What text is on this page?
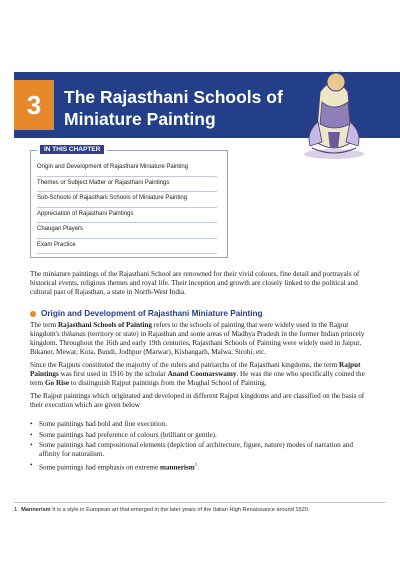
3 The Rajasthani Schools of Miniature Painting
IN THIS CHAPTER
Origin and Development of Rajasthani Miniature Painting
Themes or Subject Matter or Rajasthani Paintings
Sub-Schools of Rajasthani Schools of Miniature Painting
Appreciation of Rajasthani Paintings
Chaugan Players
Exam Practice

The miniature paintings of the Rajasthani School are renowned for their vivid colours, fine detail and portrayals of historical events, religious themes and royal life. Their inception and growth are closely linked to the political and cultural past of Rajasthan, a state in North-West India.

Origin and Development of Rajasthani Miniature Painting

The term Rajasthani Schools of Painting refers to the schools of painting that were widely used in the Rajput kingdom's thikanas (territory or state) in Rajasthan and some areas of Madhya Pradesh in the former Indian princely kingdom. Throughout the 16th and early 19th centuries, Rajasthani Schools of Painting were widely used in Jaipur, Bikaner, Mewar, Kota, Bundi, Jodhpur (Marwar), Kishangarh, Malwa, Sirohi, etc.

Since the Rajputs constituted the majority of the rulers and patriarchs of the Rajasthani kingdoms, the term Rajput Paintings was first used in 1916 by the scholar Anand Coomarswamy. He was the one who specifically coined the term Go Rise to distinguish Rajput paintings from the Mughal School of Painting.

The Rajput paintings which originated and developed in different Rajput kingdoms and are classified on the basis of their execution which are given below

• Some paintings had bold and fine execution.
• Some paintings had preference of colours (brilliant or gentle).
• Some paintings had compositional elements (depiction of architecture, figure, nature) modes of narration and affinity for naturalism.
• Some paintings had emphasis on extreme mannerism$^1$.

1 Mannerism It is a style in European art that emerged in the later years of the Italian High Renaissance around 1520.
